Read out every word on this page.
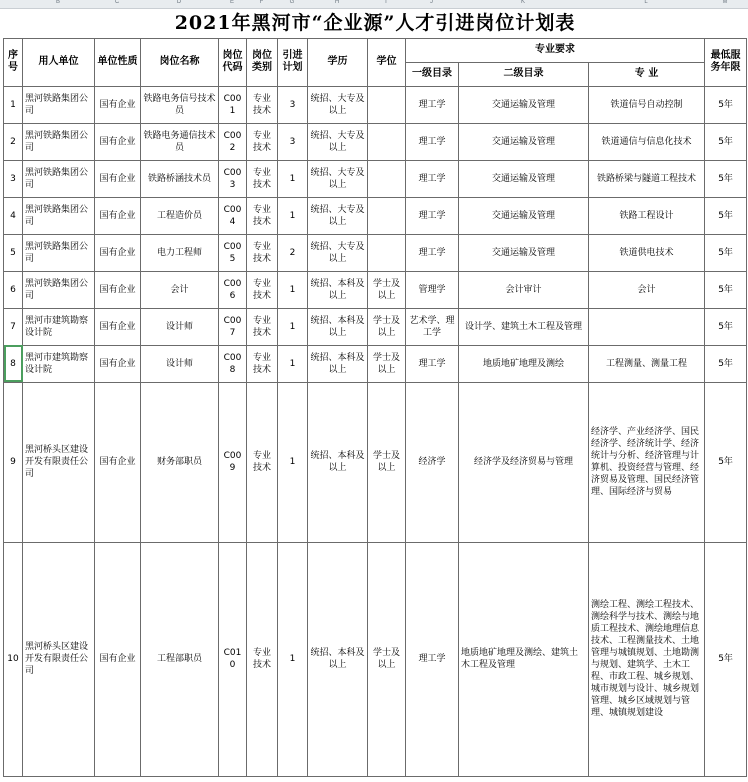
B	C	D	E	F	G	H	I	J	K	L	M
2021年黑河市“企业源”人才引进岗位计划表												
序号	用人单位	单位性质	岗位名称	岗位代码	岗位类别	引进计划	学历	学位	专业要求			最低服务年限
									一级目录	二级目录	专 业	
1	黑河铁路集团公司	国有企业	铁路电务信号技术员	C001	专业技术	3	统招、大专及以上		理工学	交通运输及管理	铁道信号自动控制	5年
2	黑河铁路集团公司	国有企业	铁路电务通信技术员	C002	专业技术	3	统招、大专及以上		理工学	交通运输及管理	铁道通信与信息化技术	5年
3	黑河铁路集团公司	国有企业	铁路桥涵技术员	C003	专业技术	1	统招、大专及以上		理工学	交通运输及管理	铁路桥梁与隧道工程技术	5年
4	黑河铁路集团公司	国有企业	工程造价员	C004	专业技术	1	统招、大专及以上		理工学	交通运输及管理	铁路工程设计	5年
5	黑河铁路集团公司	国有企业	电力工程师	C005	专业技术	2	统招、大专及以上		理工学	交通运输及管理	铁道供电技术	5年
6	黑河铁路集团公司	国有企业	会计	C006	专业技术	1	统招、本科及以上	学士及以上	管理学	会计审计	会计	5年
7	黑河市建筑勘察设计院	国有企业	设计师	C007	专业技术	1	统招、本科及以上	学士及以上	艺术学、理工学	设计学、建筑土木工程及管理		5年
8	黑河市建筑勘察设计院	国有企业	设计师	C008	专业技术	1	统招、本科及以上	学士及以上	理工学	地质地矿地理及测绘	工程测量、测量工程	5年
9	黑河桥头区建设开发有限责任公司	国有企业	财务部职员	C009	专业技术	1	统招、本科及以上	学士及以上	经济学	经济学及经济贸易与管理	经济学、产业经济学、国民经济学、经济统计学、经济统计与分析、经济管理与计算机、投资经营与管理、经济贸易及管理、国民经济管理、国际经济与贸易	5年
10	黑河桥头区建设开发有限责任公司	国有企业	工程部职员	C010	专业技术	1	统招、本科及以上	学士及以上	理工学	地质地矿地理及测绘、建筑土木工程及管理	测绘工程、测绘工程技术、测绘科学与技术、测绘与地质工程技术、测绘地理信息技术、工程测量技术、土地管理与城镇规划、土地勘测与规划、建筑学、土木工程、市政工程、城乡规划、城市规划与设计、城乡规划管理、城乡区域规划与管理、城镇规划建设	5年
